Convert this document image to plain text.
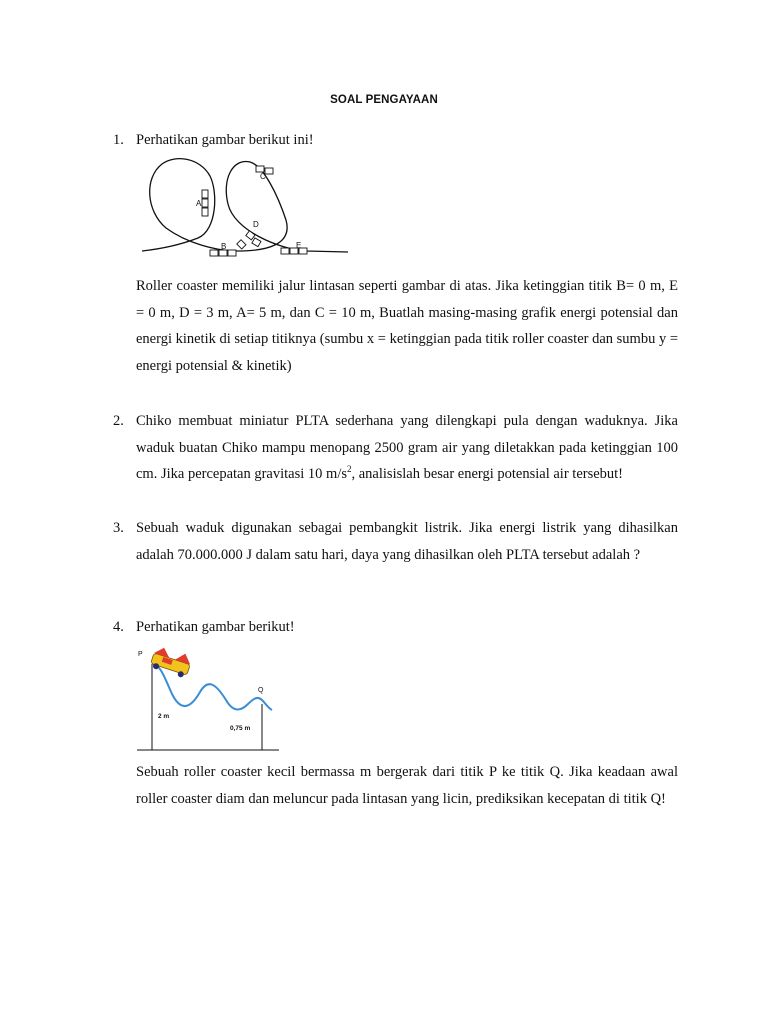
SOAL PENGAYAAN
1. Perhatikan gambar berikut ini!
A
B
C
D
E
Roller coaster memiliki jalur lintasan seperti gambar di atas. Jika ketinggian titik B= 0 m, E = 0 m, D = 3 m, A= 5 m, dan C = 10 m, Buatlah masing-masing grafik energi potensial dan energi kinetik di setiap titiknya (sumbu x = ketinggian pada titik roller coaster dan sumbu y = energi potensial & kinetik)
2. Chiko membuat miniatur PLTA sederhana yang dilengkapi pula dengan waduknya. Jika waduk buatan Chiko mampu menopang 2500 gram air yang diletakkan pada ketinggian 100 cm. Jika percepatan gravitasi 10 $m/s^2$, analisislah besar energi potensial air tersebut!
3. Sebuah waduk digunakan sebagai pembangkit listrik. Jika energi listrik yang dihasilkan adalah 70.000.000 J dalam satu hari, daya yang dihasilkan oleh PLTA tersebut adalah ?
4. Perhatikan gambar berikut!
P
Q
2 m
0,75 m
Sebuah roller coaster kecil bermassa m bergerak dari titik P ke titik Q. Jika keadaan awal roller coaster diam dan meluncur pada lintasan yang licin, prediksikan kecepatan di titik Q!
